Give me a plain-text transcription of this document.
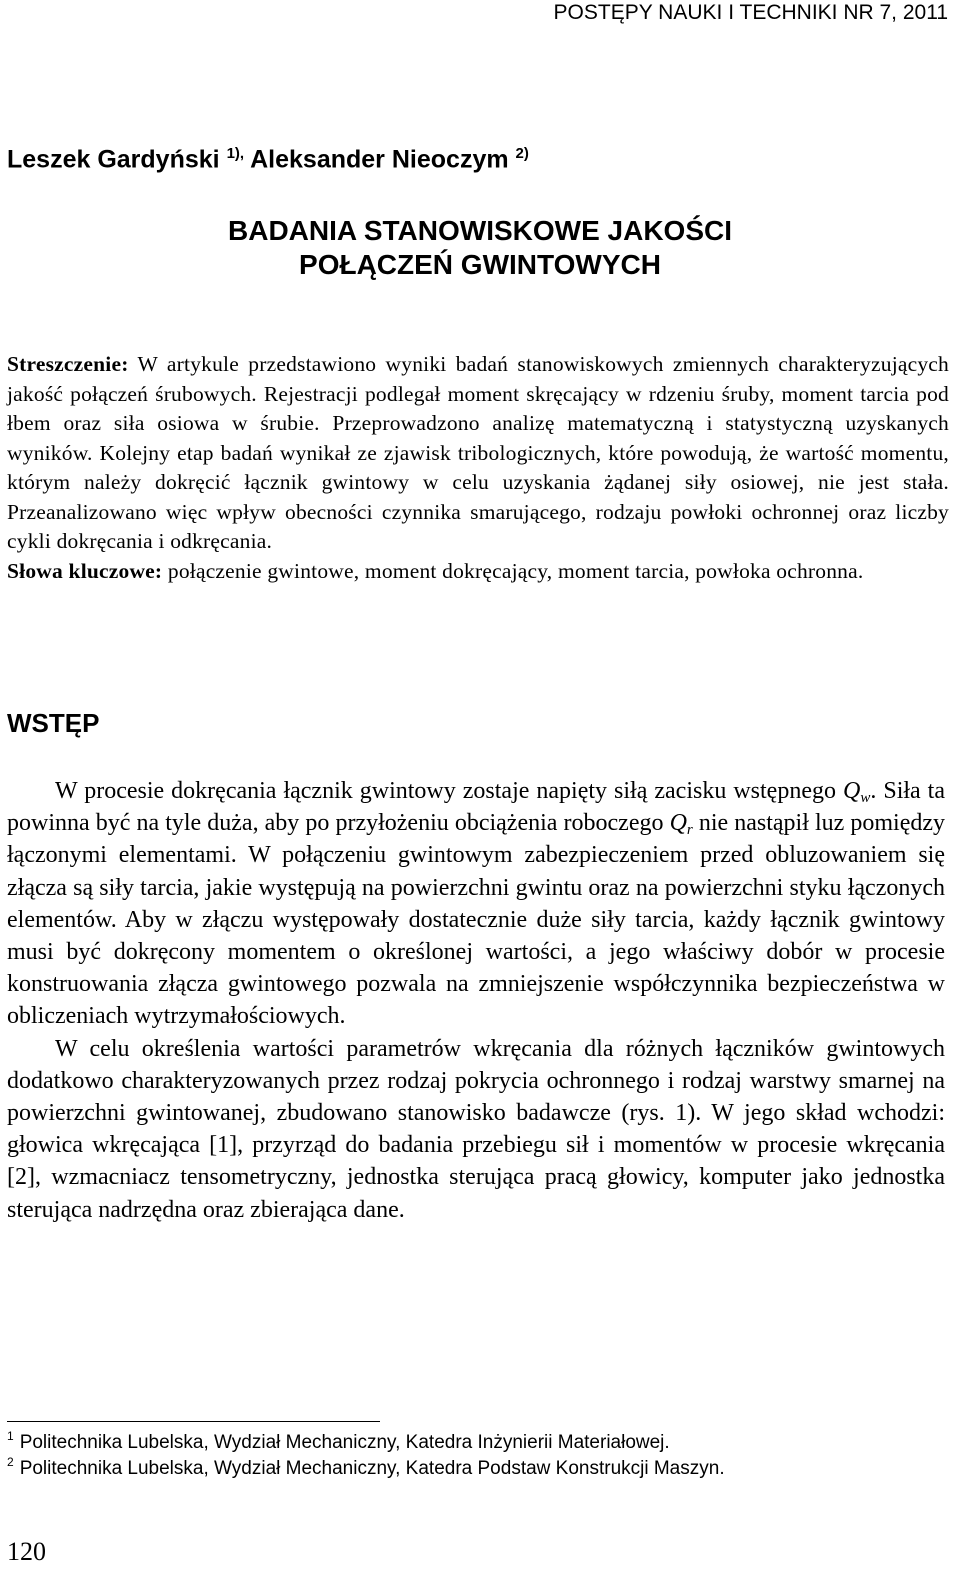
POSTĘPY NAUKI I TECHNIKI NR 7, 2011
Leszek Gardyński $^{1),}$ Aleksander Nieoczym $^{2)}$
BADANIA STANOWISKOWE JAKOŚCI
POŁĄCZEŃ GWINTOWYCH
Streszczenie: W artykule przedstawiono wyniki badań stanowiskowych zmiennych charakteryzujących jakość połączeń śrubowych. Rejestracji podlegał moment skręcający w rdzeniu śruby, moment tarcia pod łbem oraz siła osiowa w śrubie. Przeprowadzono analizę matematyczną i statystyczną uzyskanych wyników. Kolejny etap badań wynikał ze zjawisk tribologicznych, które powodują, że wartość momentu, którym należy dokręcić łącznik gwintowy w celu uzyskania żądanej siły osiowej, nie jest stała. Przeanalizowano więc wpływ obecności czynnika smarującego, rodzaju powłoki ochronnej oraz liczby cykli dokręcania i odkręcania.
Słowa kluczowe: połączenie gwintowe, moment dokręcający, moment tarcia, powłoka ochronna.
WSTĘP

W procesie dokręcania łącznik gwintowy zostaje napięty siłą zacisku wstępnego $Q_w$. Siła ta powinna być na tyle duża, aby po przyłożeniu obciążenia roboczego $Q_r$ nie nastąpił luz pomiędzy łączonymi elementami. W połączeniu gwintowym zabezpieczeniem przed obluzowaniem się złącza są siły tarcia, jakie występują na powierzchni gwintu oraz na powierzchni styku łączonych elementów. Aby w złączu występowały dostatecznie duże siły tarcia, każdy łącznik gwintowy musi być dokręcony momentem o określonej wartości, a jego właściwy dobór w procesie konstruowania złącza gwintowego pozwala na zmniejszenie współczynnika bezpieczeństwa w obliczeniach wytrzymałościowych.

W celu określenia wartości parametrów wkręcania dla różnych łączników gwintowych dodatkowo charakteryzowanych przez rodzaj pokrycia ochronnego i rodzaj warstwy smarnej na powierzchni gwintowanej, zbudowano stanowisko badawcze (rys. 1). W jego skład wchodzi: głowica wkręcająca [1], przyrząd do badania przebiegu sił i momentów w procesie wkręcania [2], wzmacniacz tensometryczny, jednostka sterująca pracą głowicy, komputer jako jednostka sterująca nadrzędna oraz zbierająca dane.

$^1$ Politechnika Lubelska, Wydział Mechaniczny, Katedra Inżynierii Materiałowej.
$^2$ Politechnika Lubelska, Wydział Mechaniczny, Katedra Podstaw Konstrukcji Maszyn.
120
